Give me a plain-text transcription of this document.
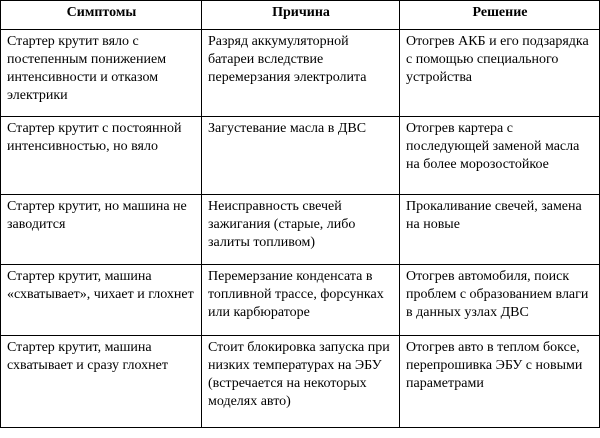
Симптомы	Причина	Решение
Стартер крутит вяло с постепенным понижением интенсивности и отказом электрики	Разряд аккумуляторной батареи вследствие перемерзания электролита	Отогрев АКБ и его подзарядка с помощью специального устройства
Стартер крутит с постоянной интенсивностью, но вяло	Загустевание масла в ДВС	Отогрев картера с последующей заменой масла на более морозостойкое
Стартер крутит, но машина не заводится	Неисправность свечей зажигания (старые, либо залиты топливом)	Прокаливание свечей, замена на новые
Стартер крутит, машина «схватывает», чихает и глохнет	Перемерзание конденсата в топливной трассе, форсунках или карбюраторе	Отогрев автомобиля, поиск проблем с образованием влаги в данных узлах ДВС
Стартер крутит, машина схватывает и сразу глохнет	Стоит блокировка запуска при низких температурах на ЭБУ (встречается на некоторых моделях авто)	Отогрев авто в теплом боксе, перепрошивка ЭБУ с новыми параметрами
